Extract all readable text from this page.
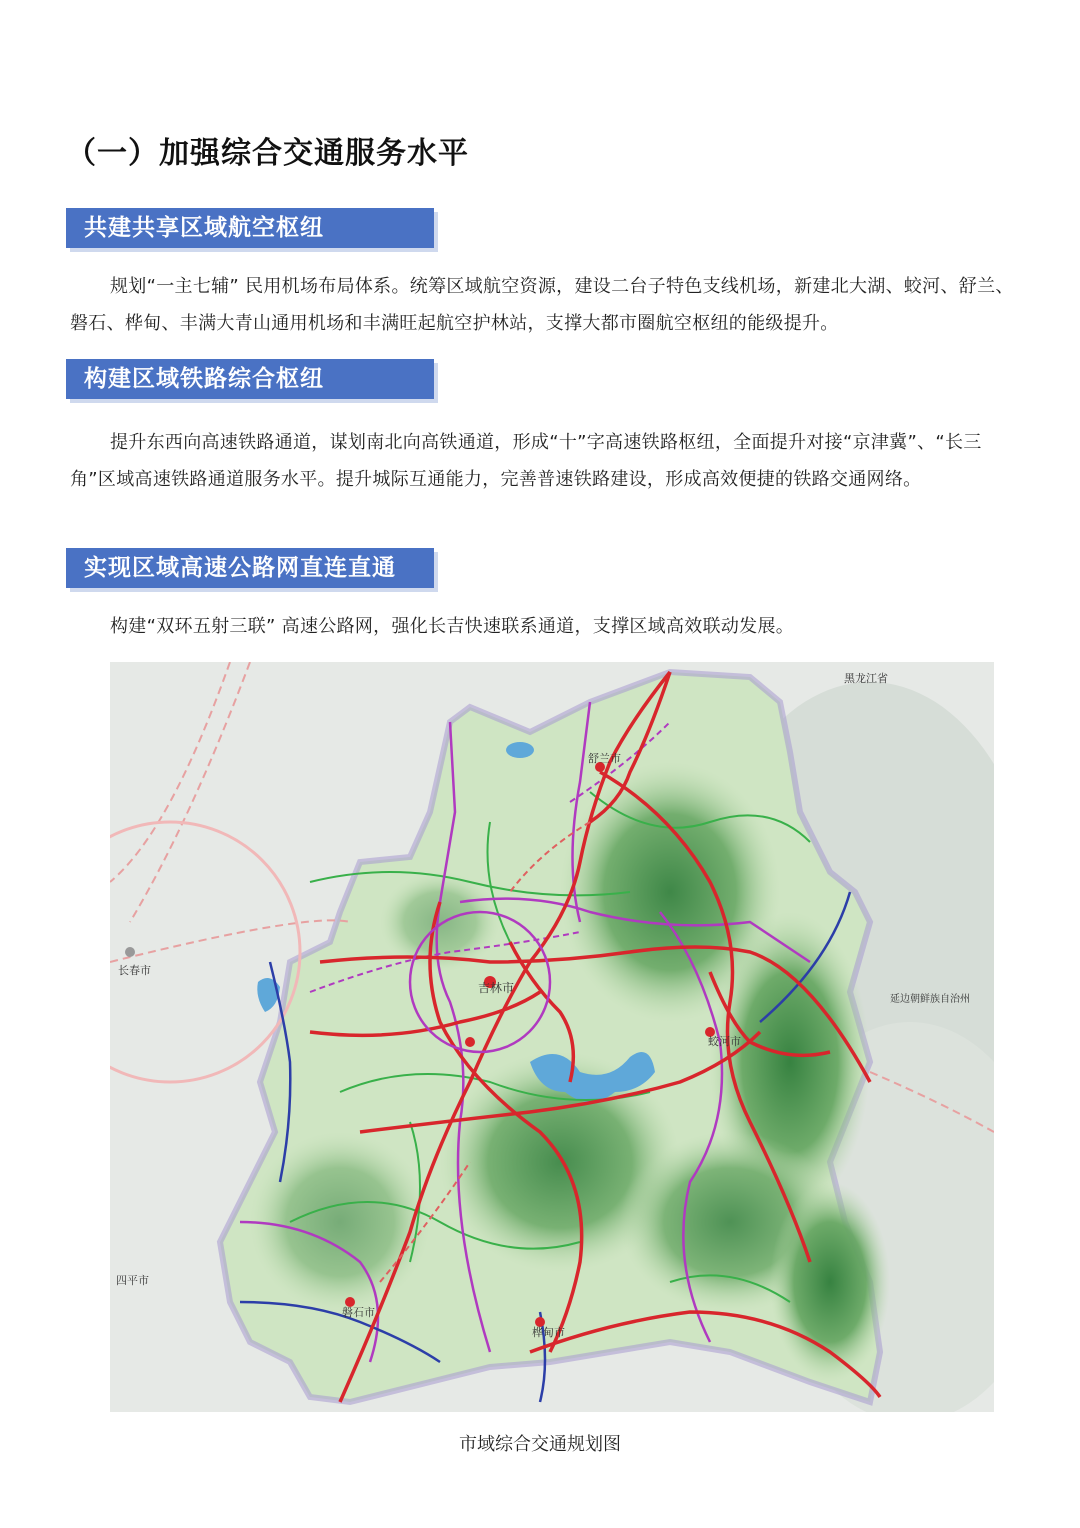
（一）加强综合交通服务水平
共建共享区域航空枢纽
规划“一主七辅” 民用机场布局体系。统筹区域航空资源，建设二台子特色支线机场，新建北大湖、蛟河、舒兰、磐石、桦甸、丰满大青山通用机场和丰满旺起航空护林站，支撑大都市圈航空枢纽的能级提升。
构建区域铁路综合枢纽
提升东西向高速铁路通道，谋划南北向高铁通道，形成“十”字高速铁路枢纽，全面提升对接“京津冀”、“长三角”区域高速铁路通道服务水平。提升城际互通能力，完善普速铁路建设，形成高效便捷的铁路交通网络。
实现区域高速公路网直连直通
构建“双环五射三联” 高速公路网，强化长吉快速联系通道，支撑区域高效联动发展。
黑龙江省
舒兰市
长春市
吉林市
蛟河市
延边朝鲜族自治州
四平市
磐石市
桦甸市
市域综合交通规划图
